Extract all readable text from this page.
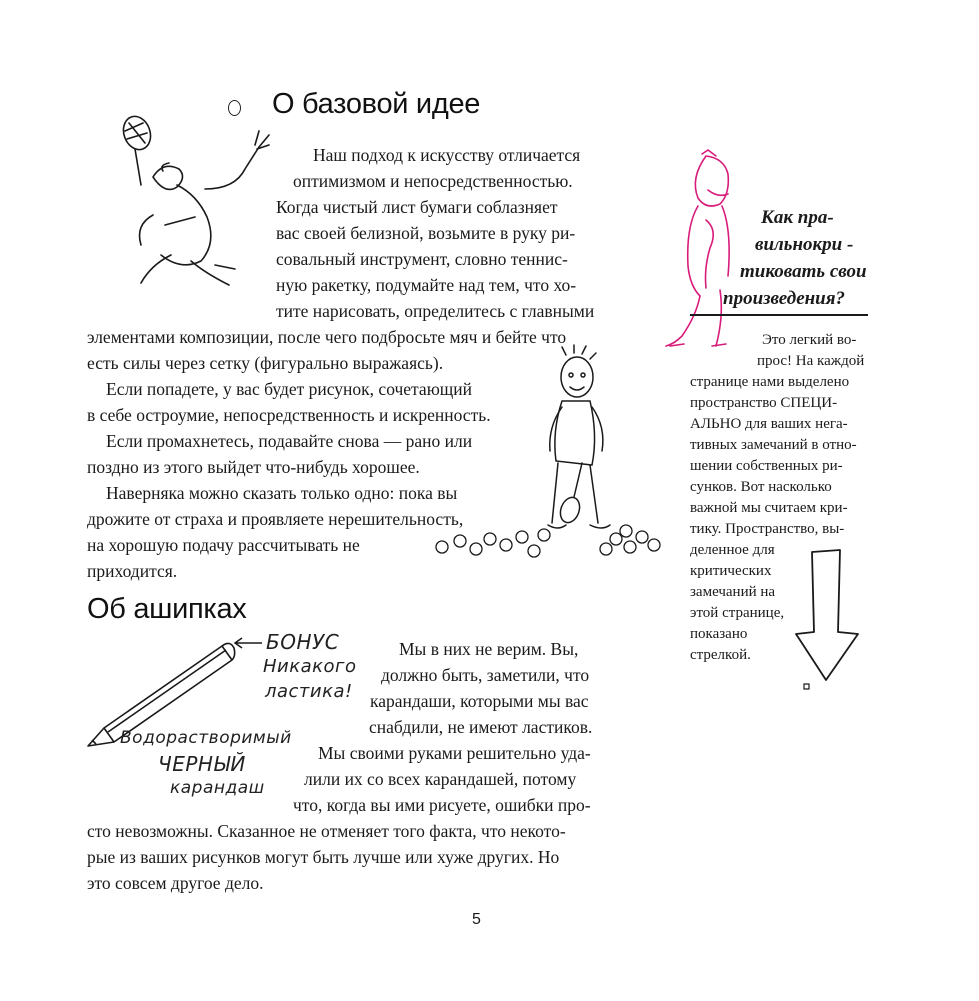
О базовой идее
Наш подход к искусству отличается
оптимизмом и непосредственностью.
Когда чистый лист бумаги соблазняет
вас своей белизной, возьмите в руку ри-
совальный инструмент, словно теннис-
ную ракетку, подумайте над тем, что хо-
тите нарисовать, определитесь с главными
элементами композиции, после чего подбросьте мяч и бейте что
есть силы через сетку (фигурально выражаясь).
Если попадете, у вас будет рисунок, сочетающий
в себе остроумие, непосредственность и искренность.
Если промахнетесь, подавайте снова — рано или
поздно из этого выйдет что-нибудь хорошее.
Наверняка можно сказать только одно: пока вы
дрожите от страха и проявляете нерешительность,
на хорошую подачу рассчитывать не
приходится.
Об ашипках
БОНУС
Никакого
ластика!
Водорастворимый
ЧЕРНЫЙ
карандаш
Мы в них не верим. Вы,
должно быть, заметили, что
карандаши, которыми мы вас
снабдили, не имеют ластиков.
Мы своими руками решительно уда-
лили их со всех карандашей, потому
что, когда вы ими рисуете, ошибки про-
сто невозможны. Сказанное не отменяет того факта, что некото-
рые из ваших рисунков могут быть лучше или хуже других. Но
это совсем другое дело.
Как пра-
вильнокри -
тиковать свои
произведения?
Это легкий во-
прос! На каждой
странице нами выделено
пространство СПЕЦИ-
АЛЬНО для ваших нега-
тивных замечаний в отно-
шении собственных ри-
сунков. Вот насколько
важной мы считаем кри-
тику. Пространство, вы-
деленное для
критических
замечаний на
этой странице,
показано
стрелкой.
5
